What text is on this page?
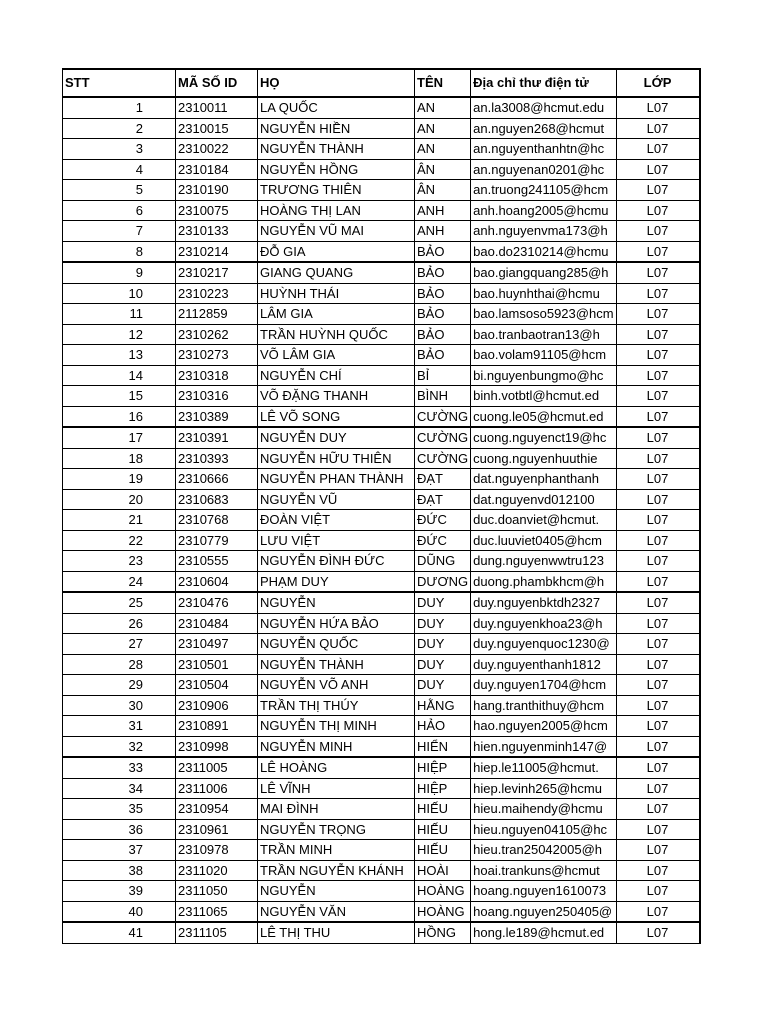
STT	MÃ SỐ ID	HỌ	TÊN	Địa chỉ thư điện tử	LỚP
1	2310011	LA QUỐC	AN	an.la3008@hcmut.edu	L07
2	2310015	NGUYỄN HIỀN	AN	an.nguyen268@hcmut	L07
3	2310022	NGUYỄN THÀNH	AN	an.nguyenthanhtn@hc	L07
4	2310184	NGUYỄN HỒNG	ÂN	an.nguyenan0201@hc	L07
5	2310190	TRƯƠNG THIÊN	ÂN	an.truong241105@hcm	L07
6	2310075	HOÀNG THỊ LAN	ANH	anh.hoang2005@hcmu	L07
7	2310133	NGUYỄN VŨ MAI	ANH	anh.nguyenvma173@h	L07
8	2310214	ĐỖ GIA	BẢO	bao.do2310214@hcmu	L07
9	2310217	GIANG QUANG	BẢO	bao.giangquang285@h	L07
10	2310223	HUỲNH THÁI	BẢO	bao.huynhthai@hcmu	L07
11	2112859	LÂM GIA	BẢO	bao.lamsoso5923@hcm	L07
12	2310262	TRẦN HUỲNH QUỐC	BẢO	bao.tranbaotran13@h	L07
13	2310273	VÕ LÂM GIA	BẢO	bao.volam91105@hcm	L07
14	2310318	NGUYỄN CHÍ	BỈ	bi.nguyenbungmo@hc	L07
15	2310316	VÕ ĐẶNG THANH	BÌNH	binh.votbtl@hcmut.ed	L07
16	2310389	LÊ VÕ SONG	CƯỜNG	cuong.le05@hcmut.ed	L07
17	2310391	NGUYỄN DUY	CƯỜNG	cuong.nguyenct19@hc	L07
18	2310393	NGUYỄN HỮU THIÊN	CƯỜNG	cuong.nguyenhuuthie	L07
19	2310666	NGUYỄN PHAN THÀNH	ĐẠT	dat.nguyenphanthanh	L07
20	2310683	NGUYỄN VŨ	ĐẠT	dat.nguyenvd012100	L07
21	2310768	ĐOÀN VIỆT	ĐỨC	duc.doanviet@hcmut.	L07
22	2310779	LƯU VIỆT	ĐỨC	duc.luuviet0405@hcm	L07
23	2310555	NGUYỄN ĐÌNH ĐỨC	DŨNG	dung.nguyenwwtru123	L07
24	2310604	PHẠM DUY	DƯƠNG	duong.phambkhcm@h	L07
25	2310476	NGUYỄN	DUY	duy.nguyenbktdh2327	L07
26	2310484	NGUYỄN HỨA BẢO	DUY	duy.nguyenkhoa23@h	L07
27	2310497	NGUYỄN QUỐC	DUY	duy.nguyenquoc1230@	L07
28	2310501	NGUYỄN THÀNH	DUY	duy.nguyenthanh1812	L07
29	2310504	NGUYỄN VÕ ANH	DUY	duy.nguyen1704@hcm	L07
30	2310906	TRẦN THỊ THÚY	HẰNG	hang.tranthithuy@hcm	L07
31	2310891	NGUYỄN THỊ MINH	HẢO	hao.nguyen2005@hcm	L07
32	2310998	NGUYỄN MINH	HIỂN	hien.nguyenminh147@	L07
33	2311005	LÊ HOÀNG	HIỆP	hiep.le11005@hcmut.	L07
34	2311006	LÊ VĨNH	HIỆP	hiep.levinh265@hcmu	L07
35	2310954	MAI ĐÌNH	HIẾU	hieu.maihendy@hcmu	L07
36	2310961	NGUYỄN TRỌNG	HIẾU	hieu.nguyen04105@hc	L07
37	2310978	TRẦN MINH	HIẾU	hieu.tran25042005@h	L07
38	2311020	TRẦN NGUYỄN KHÁNH	HOÀI	hoai.trankuns@hcmut	L07
39	2311050	NGUYỄN	HOÀNG	hoang.nguyen1610073	L07
40	2311065	NGUYỄN VĂN	HOÀNG	hoang.nguyen250405@	L07
41	2311105	LÊ THỊ THU	HỒNG	hong.le189@hcmut.ed	L07
